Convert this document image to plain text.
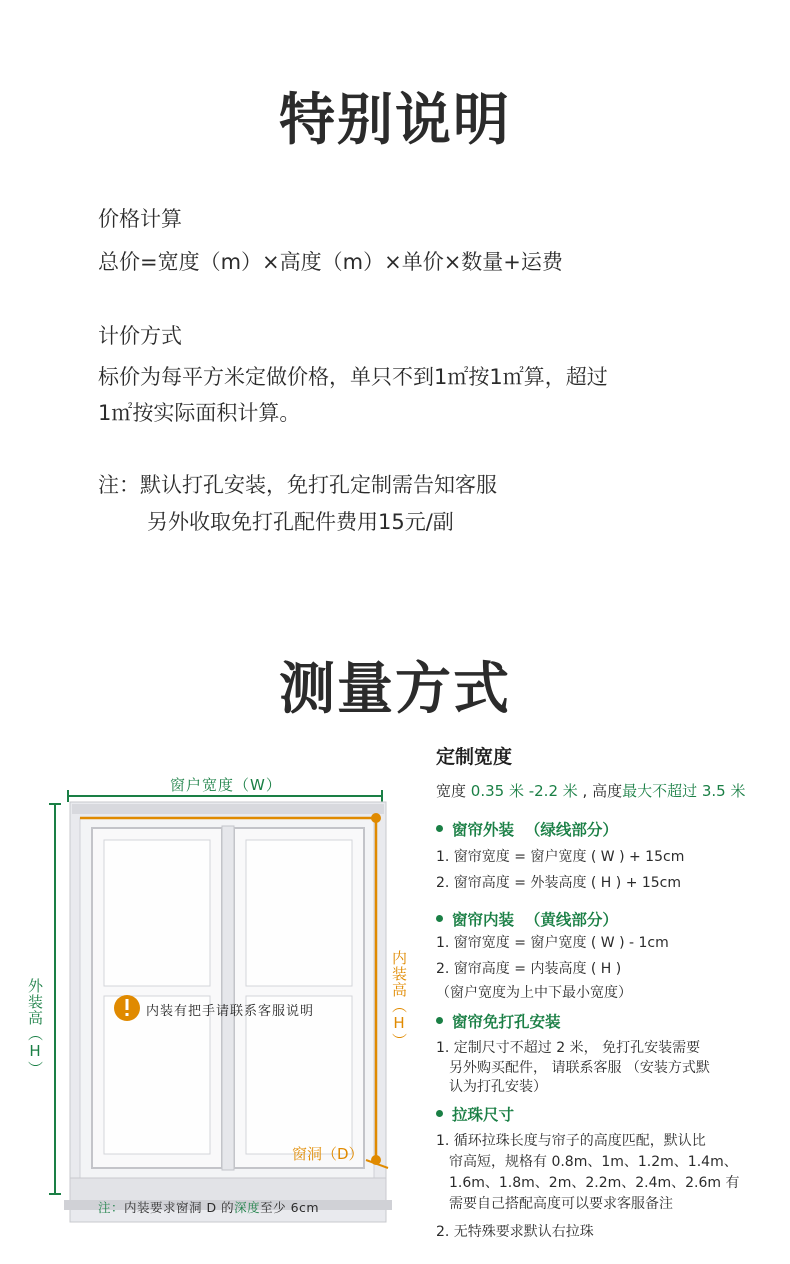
特别说明
价格计算
总价=宽度（m）×高度（m）×单价×数量+运费
计价方式
标价为每平方米定做价格，单只不到1㎡按1㎡算，超过
1㎡按实际面积计算。
注：默认打孔安装，免打孔定制需告知客服
另外收取免打孔配件费用15元/副
测量方式
窗户宽度（W）
外装高（H）	内装高（H）
窗洞（D）
内装有把手请联系客服说明
注：内装要求窗洞 D 的深度至少 6cm
定制宽度
宽度 0.35 米 -2.2 米 , 高度最大不超过 3.5 米
窗帘外装 （绿线部分）
1. 窗帘宽度 = 窗户宽度 ( W ) + 15cm
2. 窗帘高度 = 外装高度 ( H ) + 15cm
窗帘内装 （黄线部分）
1. 窗帘宽度 = 窗户宽度 ( W ) - 1cm
2. 窗帘高度 = 内装高度 ( H )
（窗户宽度为上中下最小宽度）
窗帘免打孔安装
1. 定制尺寸不超过 2 米， 免打孔安装需要
另外购买配件， 请联系客服 （安装方式默
认为打孔安装）
拉珠尺寸
1. 循环拉珠长度与帘子的高度匹配，默认比
帘高短，规格有 0.8m、1m、1.2m、1.4m、
1.6m、1.8m、2m、2.2m、2.4m、2.6m 有
需要自己搭配高度可以要求客服备注
2. 无特殊要求默认右拉珠
